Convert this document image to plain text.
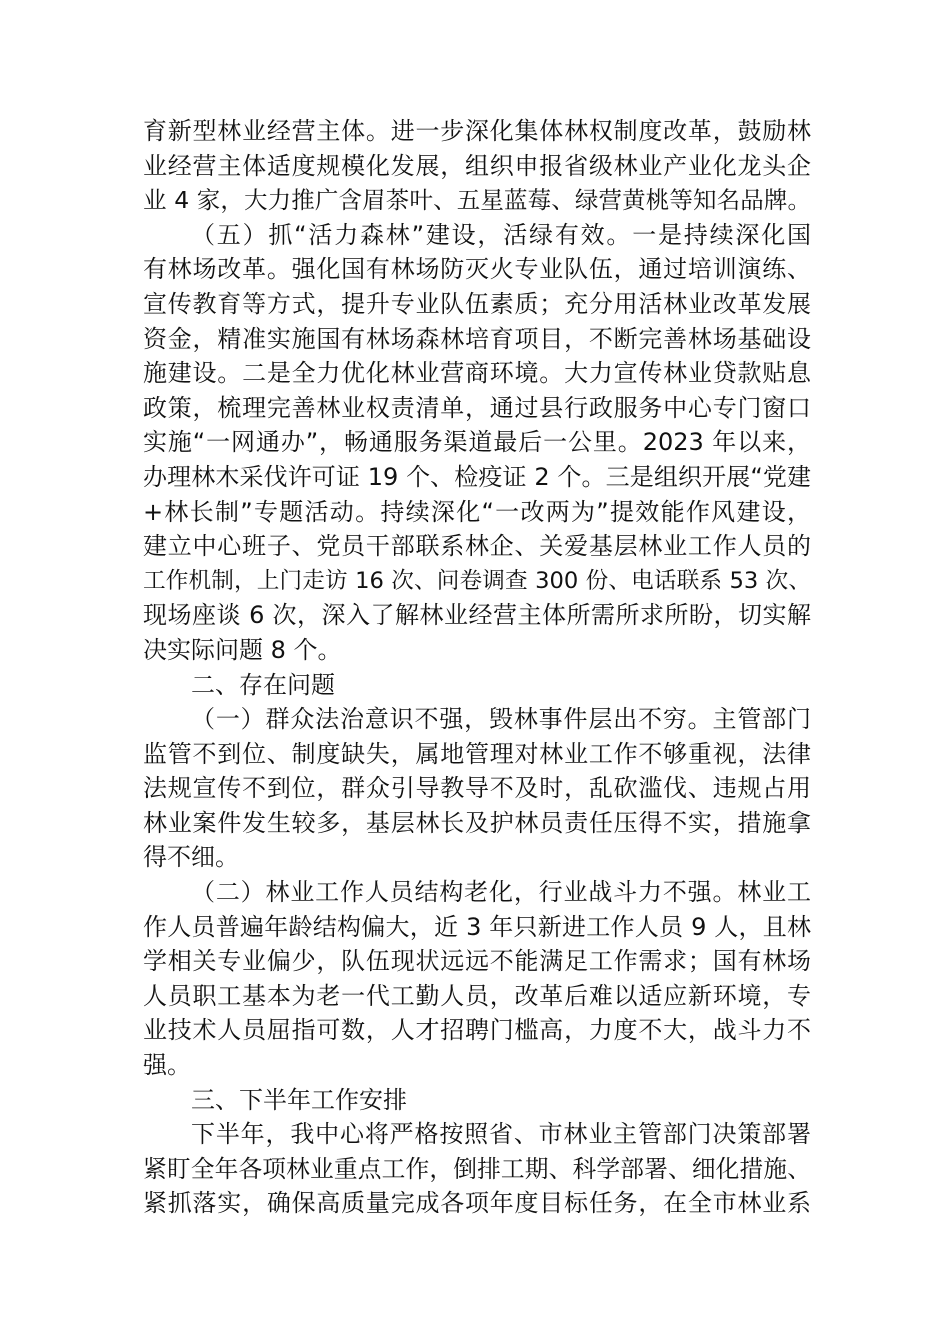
育新型林业经营主体。进一步深化集体林权制度改革，鼓励林
业经营主体适度规模化发展，组织申报省级林业产业化龙头企
业 4 家，大力推广含眉茶叶、五星蓝莓、绿营黄桃等知名品牌。
（五）抓“活力森林”建设，活绿有效。一是持续深化国
有林场改革。强化国有林场防灭火专业队伍，通过培训演练、
宣传教育等方式，提升专业队伍素质；充分用活林业改革发展
资金，精准实施国有林场森林培育项目，不断完善林场基础设
施建设。二是全力优化林业营商环境。大力宣传林业贷款贴息
政策，梳理完善林业权责清单，通过县行政服务中心专门窗口
实施“一网通办”，畅通服务渠道最后一公里。2023 年以来，
办理林木采伐许可证 19 个、检疫证 2 个。三是组织开展“党建
+林长制”专题活动。持续深化“一改两为”提效能作风建设，
建立中心班子、党员干部联系林企、关爱基层林业工作人员的
工作机制，上门走访 16 次、问卷调查 300 份、电话联系 53 次、
现场座谈 6 次，深入了解林业经营主体所需所求所盼，切实解
决实际问题 8 个。
二、存在问题
（一）群众法治意识不强，毁林事件层出不穷。主管部门
监管不到位、制度缺失，属地管理对林业工作不够重视，法律
法规宣传不到位，群众引导教导不及时，乱砍滥伐、违规占用
林业案件发生较多，基层林长及护林员责任压得不实，措施拿
得不细。
（二）林业工作人员结构老化，行业战斗力不强。林业工
作人员普遍年龄结构偏大，近 3 年只新进工作人员 9 人，且林
学相关专业偏少，队伍现状远远不能满足工作需求；国有林场
人员职工基本为老一代工勤人员，改革后难以适应新环境，专
业技术人员屈指可数，人才招聘门槛高，力度不大，战斗力不
强。
三、下半年工作安排
下半年，我中心将严格按照省、市林业主管部门决策部署
紧盯全年各项林业重点工作，倒排工期、科学部署、细化措施、
紧抓落实，确保高质量完成各项年度目标任务，在全市林业系
